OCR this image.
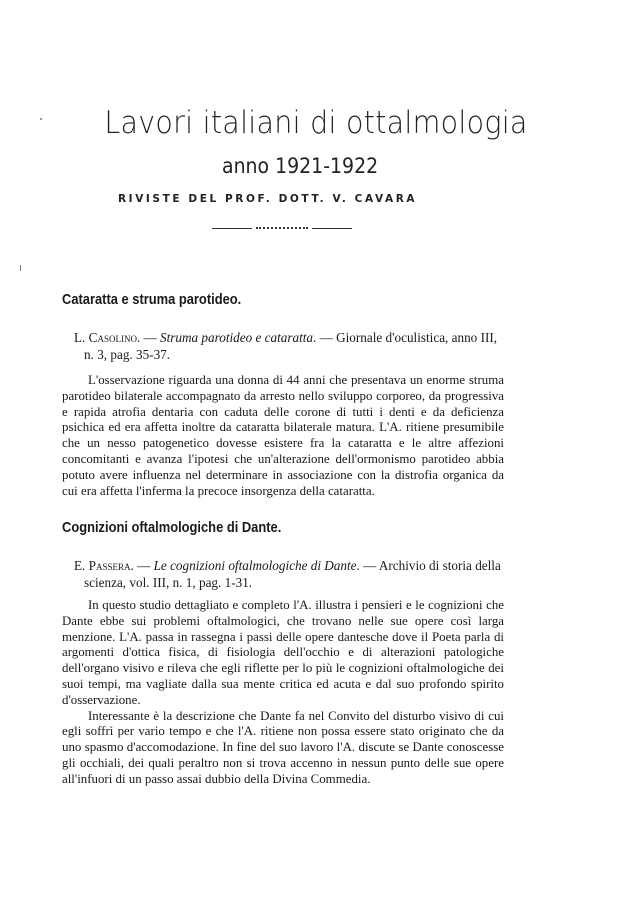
Lavori italiani di ottalmologia
anno 1921-1922
RIVISTE DEL PROF. DOTT. V. CAVARA
Cataratta e struma parotideo.
L. Casolino. — Struma parotideo e cataratta. — Giornale d'oculistica, anno III,
n. 3, pag. 35-37.

L'osservazione riguarda una donna di 44 anni che presentava un enorme struma parotideo bilaterale accompagnato da arresto nello sviluppo corporeo, da progressiva e rapida atrofia dentaria con caduta delle corone di tutti i denti e da deficienza psichica ed era affetta inoltre da cataratta bilaterale matura. L'A. ritiene presumibile che un nesso patogenetico dovesse esistere fra la cataratta e le altre affezioni concomitanti e avanza l'ipotesi che un'alterazione dell'ormonismo parotideo abbia potuto avere influenza nel determinare in associazione con la distrofia organica da cui era affetta l'inferma la precoce insorgenza della cataratta.

Cognizioni oftalmologiche di Dante.
E. Passera. — Le cognizioni oftalmologiche di Dante. — Archivio di storia della
scienza, vol. III, n. 1, pag. 1-31.

In questo studio dettagliato e completo l'A. illustra i pensieri e le cognizioni che Dante ebbe sui problemi oftalmologici, che trovano nelle sue opere così larga menzione. L'A. passa in rassegna i passi delle opere dantesche dove il Poeta parla di argomenti d'ottica fisica, di fisiologia dell'occhio e di alterazioni patologiche dell'organo visivo e rileva che egli riflette per lo più le cognizioni oftalmologiche dei suoi tempi, ma vagliate dalla sua mente critica ed acuta e dal suo profondo spirito d'osservazione.

Interessante è la descrizione che Dante fa nel Convito del disturbo visivo di cui egli soffrì per vario tempo e che l'A. ritiene non possa essere stato originato che da uno spasmo d'accomodazione. In fine del suo lavoro l'A. discute se Dante conoscesse gli occhiali, dei quali peraltro non si trova accenno in nessun punto delle sue opere all'infuori di un passo assai dubbio della Divina Commedia.
